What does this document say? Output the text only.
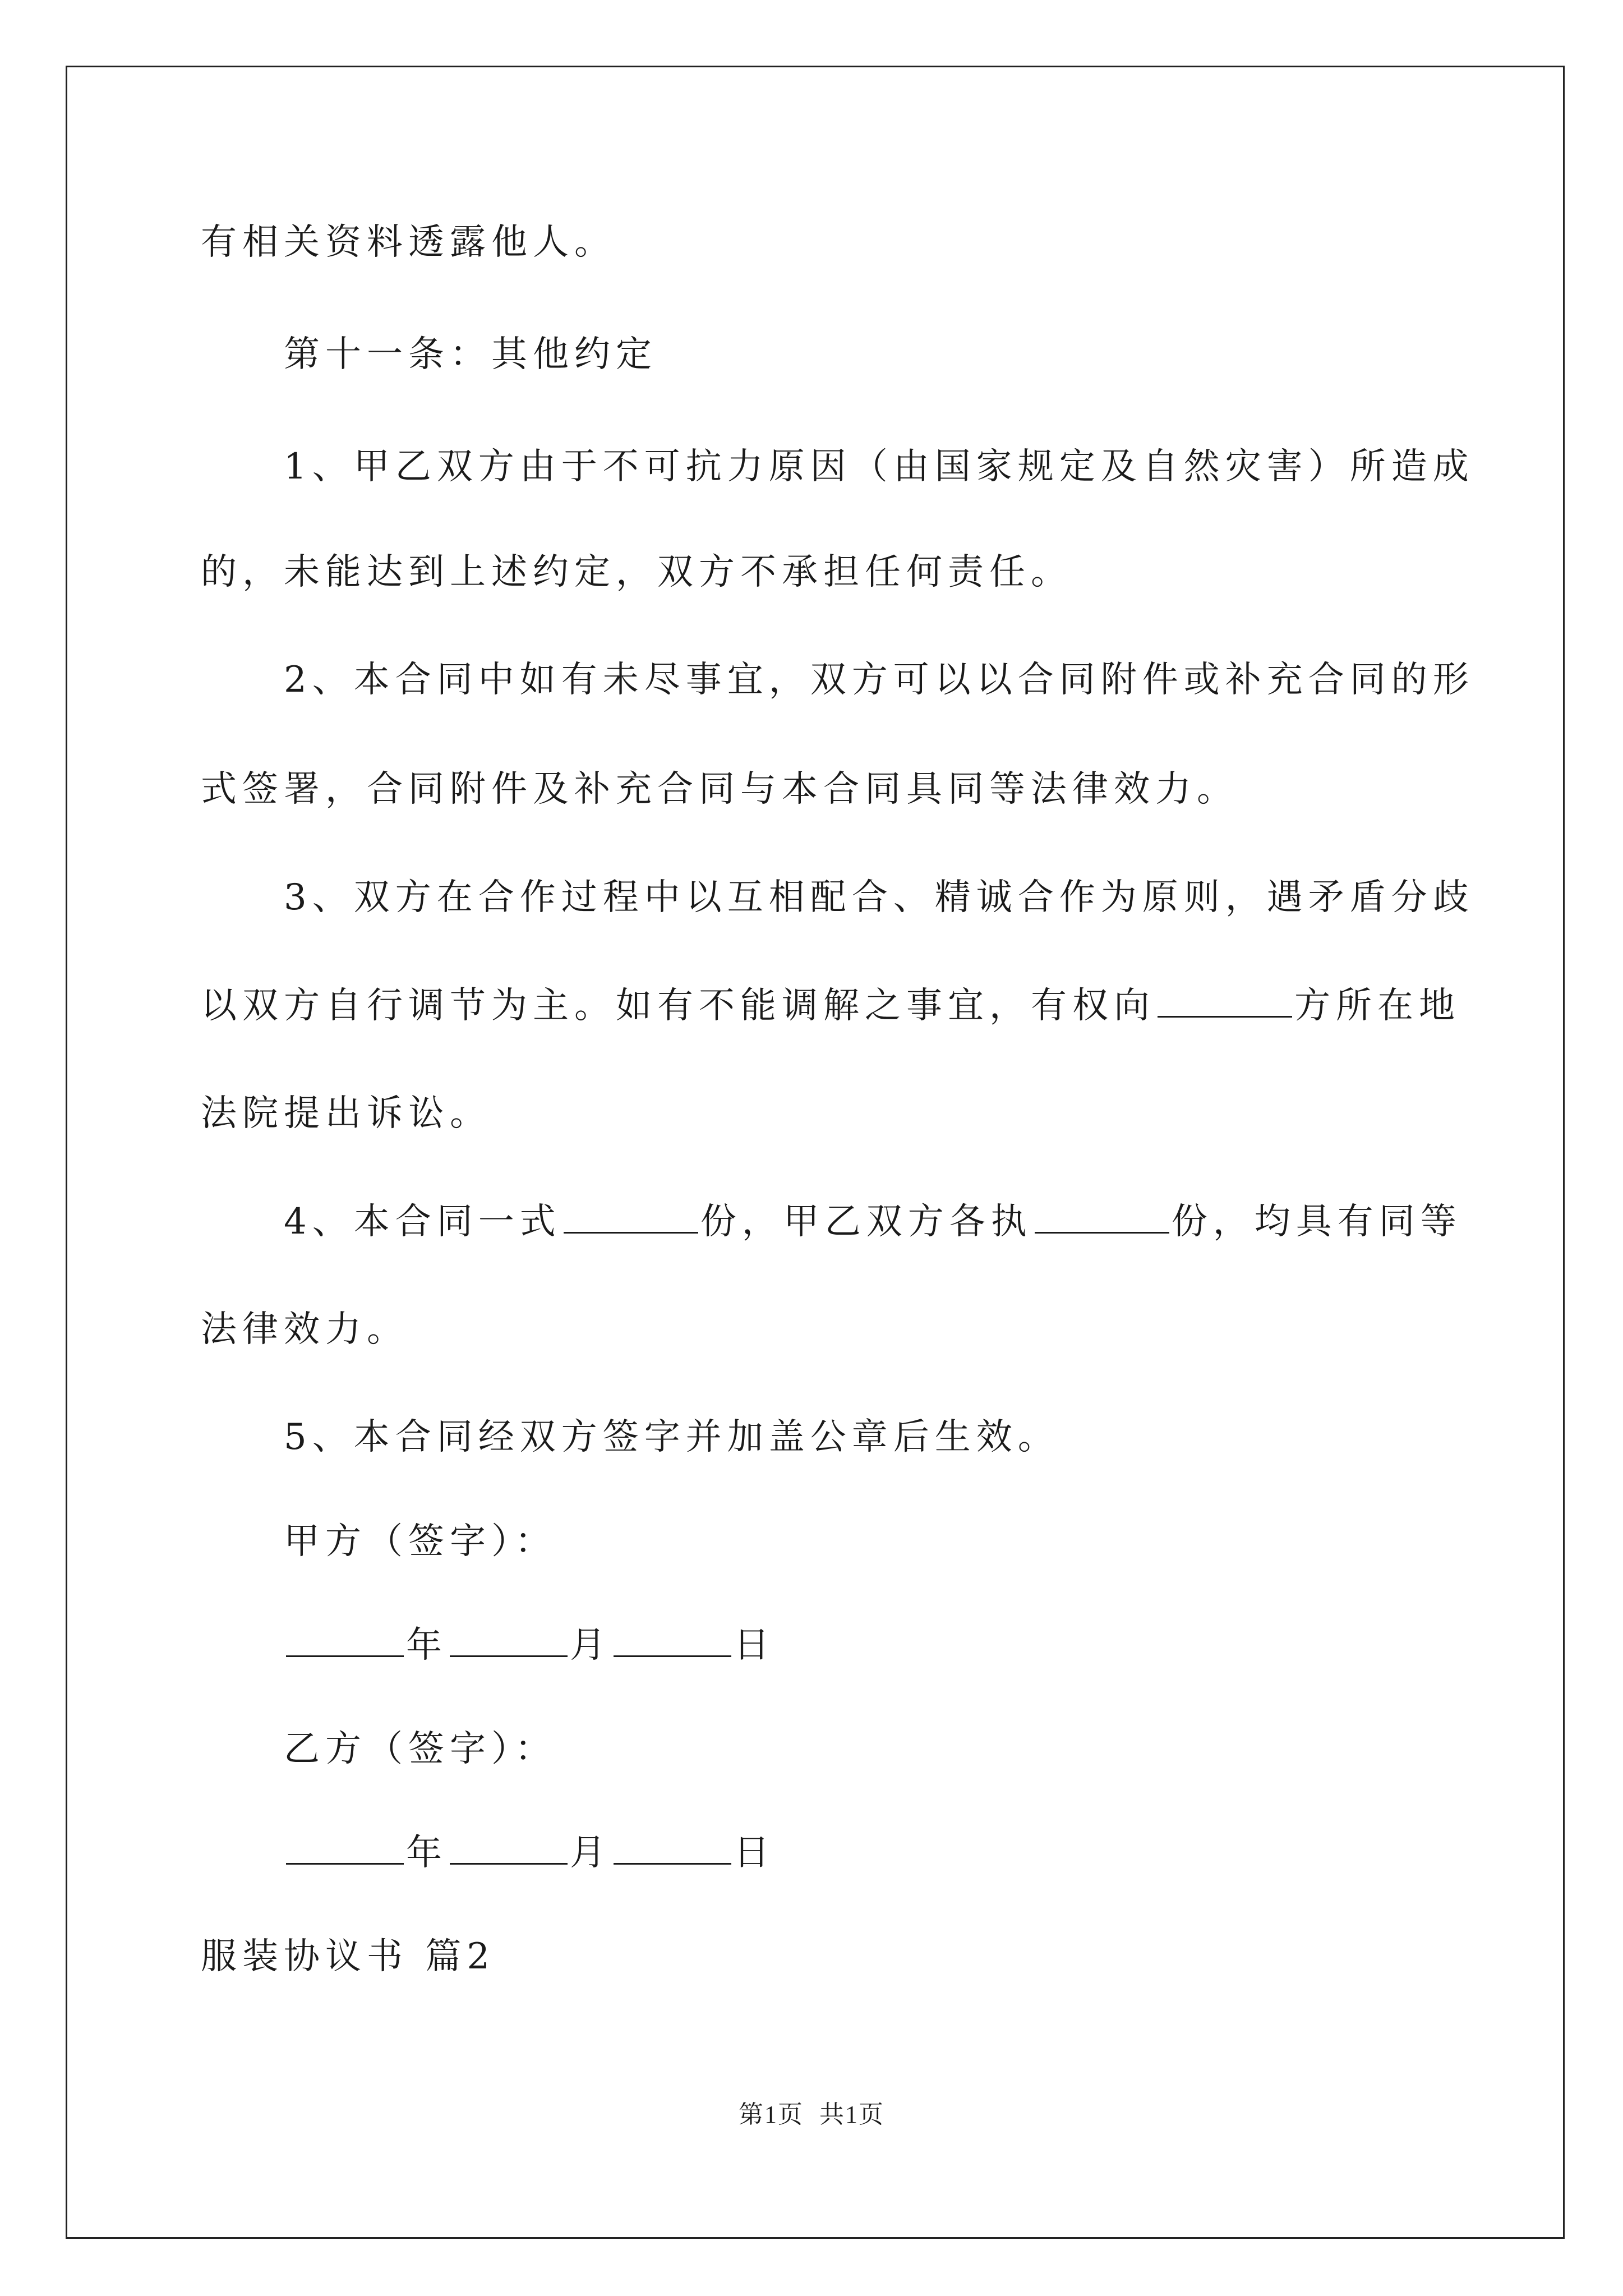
有相关资料透露他人。
第十一条：其他约定
1、甲乙双方由于不可抗力原因（由国家规定及自然灾害）所造成
的，未能达到上述约定，双方不承担任何责任。
2、本合同中如有未尽事宜，双方可以以合同附件或补充合同的形
式签署，合同附件及补充合同与本合同具同等法律效力。
3、双方在合作过程中以互相配合、精诚合作为原则，遇矛盾分歧
以双方自行调节为主。如有不能调解之事宜，有权向	方所在地
法院提出诉讼。
4、本合同一式	份，甲乙双方各执	份，均具有同等
法律效力。
5、本合同经双方签字并加盖公章后生效。
甲方（签字）：
年	月	日
乙方（签字）：
年	月	日
服装协议书 篇2
第1页 共1页
